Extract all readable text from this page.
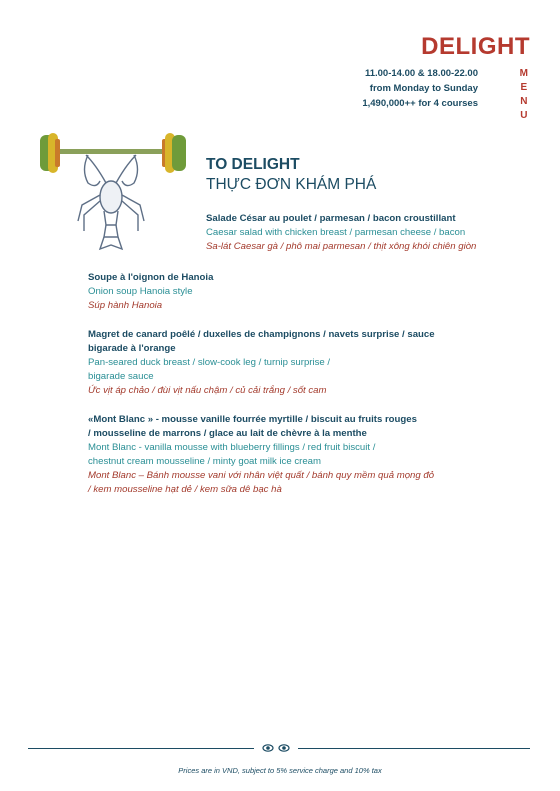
DELIGHT
11.00-14.00 & 18.00-22.00
from Monday to Sunday
1,490,000++ for 4 courses
M
E
N
U
TO DELIGHT
THỰC ĐƠN KHÁM PHÁ
Salade César au poulet / parmesan / bacon croustillant
Caesar salad with chicken breast / parmesan cheese / bacon
Sa-lát Caesar gà / phô mai parmesan / thịt xông khói chiên giòn
Soupe à l'oignon de Hanoia
Onion soup Hanoia style
Súp hành Hanoia
Magret de canard poêlé / duxelles de champignons / navets surprise / sauce
bigarade à l'orange
Pan-seared duck breast / slow-cook leg / turnip surprise /
bigarade sauce
Ức vịt áp chảo / đùi vịt nấu chậm / củ cải trắng / sốt cam
«Mont Blanc » - mousse vanille fourrée myrtille / biscuit au fruits rouges
/ mousseline de marrons / glace au lait de chèvre à la menthe
Mont Blanc - vanilla mousse with blueberry fillings / red fruit biscuit /
chestnut cream mousseline / minty goat milk ice cream
Mont Blanc – Bánh mousse vani với nhân việt quất / bánh quy mềm quả mọng đỏ
/ kem mousseline hạt dẻ / kem sữa dê bạc hà
Prices are in VND, subject to 5% service charge and 10% tax
